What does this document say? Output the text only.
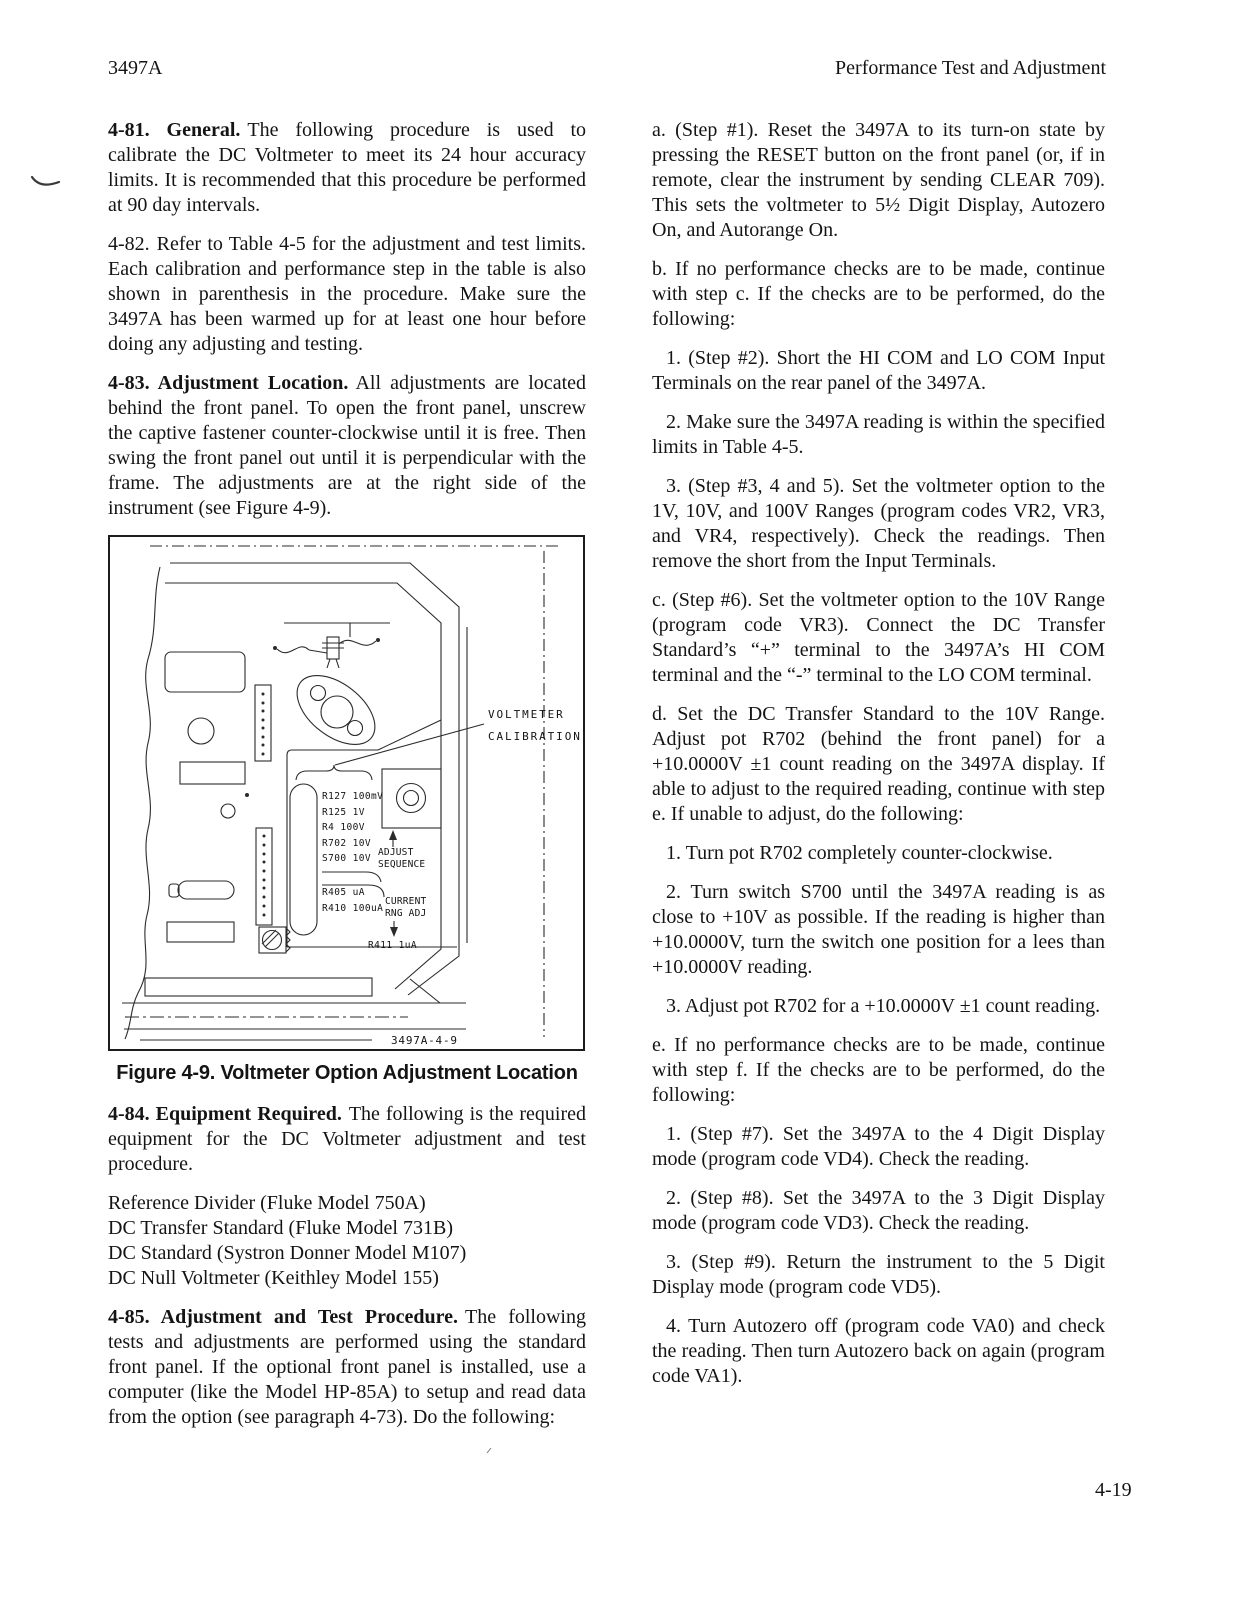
3497A	Performance Test and Adjustment

4-81. General. The following procedure is used to calibrate the DC Voltmeter to meet its 24 hour accuracy limits. It is recommended that this procedure be performed at 90 day intervals.

4-82. Refer to Table 4-5 for the adjustment and test limits. Each calibration and performance step in the table is also shown in parenthesis in the procedure. Make sure the 3497A has been warmed up for at least one hour before doing any adjusting and testing.

4-83. Adjustment Location. All adjustments are located behind the front panel. To open the front panel, unscrew the captive fastener counter-clockwise until it is free. Then swing the front panel out until it is perpendicular with the frame. The adjustments are at the right side of the instrument (see Figure 4-9).

VOLTMETER
CALIBRATION
R127 100mV
R125 1V
R4 100V
R702 10V
S700 10V
R405 uA
R410 100uA
R411 1uA
ADJUST
SEQUENCE
CURRENT
RNG ADJ
3497A-4-9
Figure 4-9. Voltmeter Option Adjustment Location

4-84. Equipment Required. The following is the required equipment for the DC Voltmeter adjustment and test procedure.

Reference Divider (Fluke Model 750A)
DC Transfer Standard (Fluke Model 731B)
DC Standard (Systron Donner Model M107)
DC Null Voltmeter (Keithley Model 155)

4-85. Adjustment and Test Procedure. The following tests and adjustments are performed using the standard front panel. If the optional front panel is installed, use a computer (like the Model HP-85A) to setup and read data from the option (see paragraph 4-73). Do the following:

a. (Step #1). Reset the 3497A to its turn-on state by pressing the RESET button on the front panel (or, if in remote, clear the instrument by sending CLEAR 709). This sets the voltmeter to 5½ Digit Display, Autozero On, and Autorange On.

b. If no performance checks are to be made, continue with step c. If the checks are to be performed, do the following:

1. (Step #2). Short the HI COM and LO COM Input Terminals on the rear panel of the 3497A.

2. Make sure the 3497A reading is within the specified limits in Table 4-5.

3. (Step #3, 4 and 5). Set the voltmeter option to the 1V, 10V, and 100V Ranges (program codes VR2, VR3, and VR4, respectively). Check the readings. Then remove the short from the Input Terminals.

c. (Step #6). Set the voltmeter option to the 10V Range (program code VR3). Connect the DC Transfer Standard’s “+” terminal to the 3497A’s HI COM terminal and the “-” terminal to the LO COM terminal.

d. Set the DC Transfer Standard to the 10V Range. Adjust pot R702 (behind the front panel) for a +10.0000V ±1 count reading on the 3497A display. If able to adjust to the required reading, continue with step e. If unable to adjust, do the following:

1. Turn pot R702 completely counter-clockwise.

2. Turn switch S700 until the 3497A reading is as close to +10V as possible. If the reading is higher than +10.0000V, turn the switch one position for a lees than +10.0000V reading.

3. Adjust pot R702 for a +10.0000V ±1 count reading.

e. If no performance checks are to be made, continue with step f. If the checks are to be performed, do the following:

1. (Step #7). Set the 3497A to the 4 Digit Display mode (program code VD4). Check the reading.

2. (Step #8). Set the 3497A to the 3 Digit Display mode (program code VD3). Check the reading.

3. (Step #9). Return the instrument to the 5 Digit Display mode (program code VD5).

4. Turn Autozero off (program code VA0) and check the reading. Then turn Autozero back on again (program code VA1).

4-19
